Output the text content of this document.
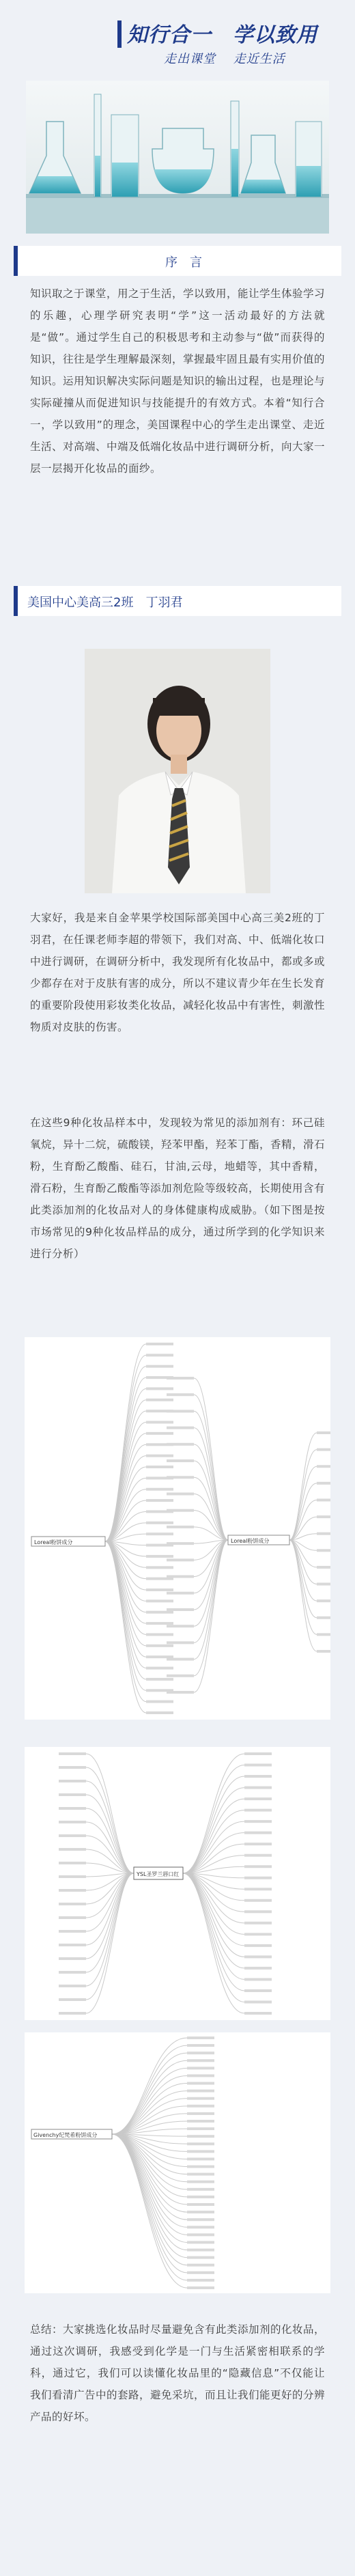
知行合一　学以致用
走出课堂　 走近生活
序　言
知识取之于课堂，用之于生活，学以致用，能让学生体验学习的乐趣，心理学研究表明“学”这一活动最好的方法就是“做”。通过学生自己的积极思考和主动参与“做”而获得的知识，往往是学生理解最深刻，掌握最牢固且最有实用价值的知识。运用知识解决实际问题是知识的输出过程，也是理论与实际碰撞从而促进知识与技能提升的有效方式。本着“知行合一，学以致用”的理念，美国课程中心的学生走出课堂、走近生活、对高端、中端及低端化妆品中进行调研分析，向大家一层一层揭开化妆品的面纱。
美国中心美高三2班　丁羽君
大家好，我是来自金苹果学校国际部美国中心高三美2班的丁羽君，在任课老师李超的带领下，我们对高、中、低端化妆口中进行调研，在调研分析中，我发现所有化妆品中，都或多或少都存在对于皮肤有害的成分，所以不建议青少年在生长发育的重要阶段使用彩妆类化妆品，减轻化妆品中有害性，刺激性物质对皮肤的伤害。
在这些9种化妆品样本中，发现较为常见的添加剂有：环己硅氧烷，异十二烷，硫酸镁，羟苯甲酯，羟苯丁酯，香精，滑石粉，生育酚乙酸酯、硅石，甘油,云母，地蜡等，其中香精，滑石粉，生育酚乙酸酯等添加剂危险等级较高，长期使用含有此类添加剂的化妆品对人的身体健康构成威胁。（如下图是按市场常见的9种化妆品样品的成分，通过所学到的化学知识来进行分析）
Loreal粉饼成分	Loreal粉饼成分
YSL圣罗兰唇口红
Givenchy纪梵希粉饼成分
总结：大家挑选化妆品时尽量避免含有此类添加剂的化妆品，通过这次调研，我感受到化学是一门与生活紧密相联系的学科，通过它，我们可以读懂化妆品里的“隐藏信息”不仅能让我们看清广告中的套路，避免采坑，而且让我们能更好的分辨产品的好坏。
